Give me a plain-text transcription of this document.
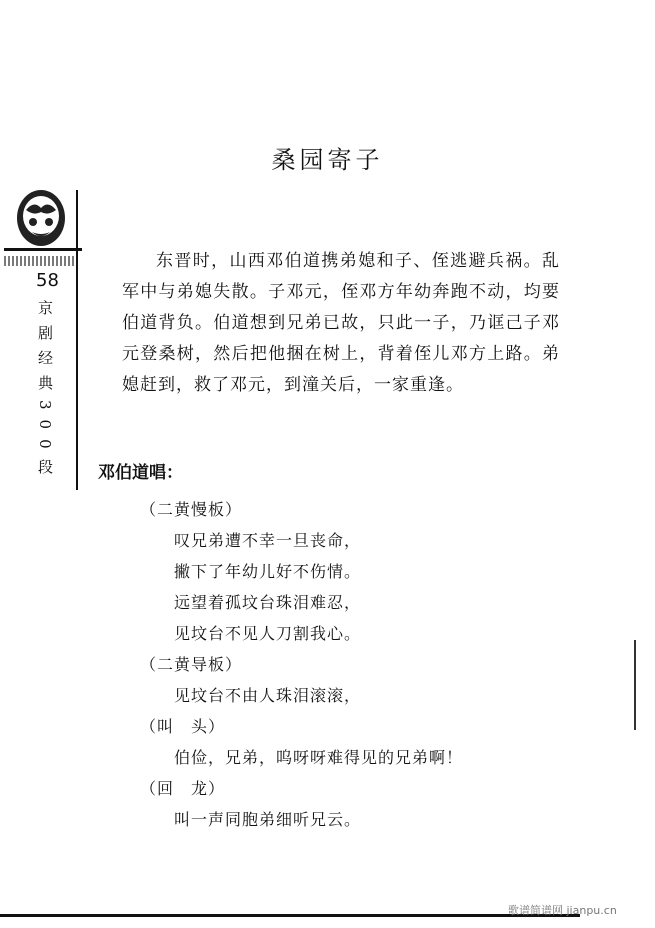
桑园寄子
58
京剧经典300段

东晋时，山西邓伯道携弟媳和子、侄逃避兵祸。乱军中与弟媳失散。子邓元，侄邓方年幼奔跑不动，均要伯道背负。伯道想到兄弟已故，只此一子，乃诓己子邓元登桑树，然后把他捆在树上，背着侄儿邓方上路。弟媳赶到，救了邓元，到潼关后，一家重逢。

邓伯道唱：
（二黄慢板）
叹兄弟遭不幸一旦丧命，
撇下了年幼儿好不伤情。
远望着孤坟台珠泪难忍，
见坟台不见人刀割我心。
（二黄导板）
见坟台不由人珠泪滚滚，
（叫　头）
伯俭，兄弟，呜呀呀难得见的兄弟啊！
（回　龙）
叫一声同胞弟细听兄云。
歌谱简谱网 jianpu.cn
